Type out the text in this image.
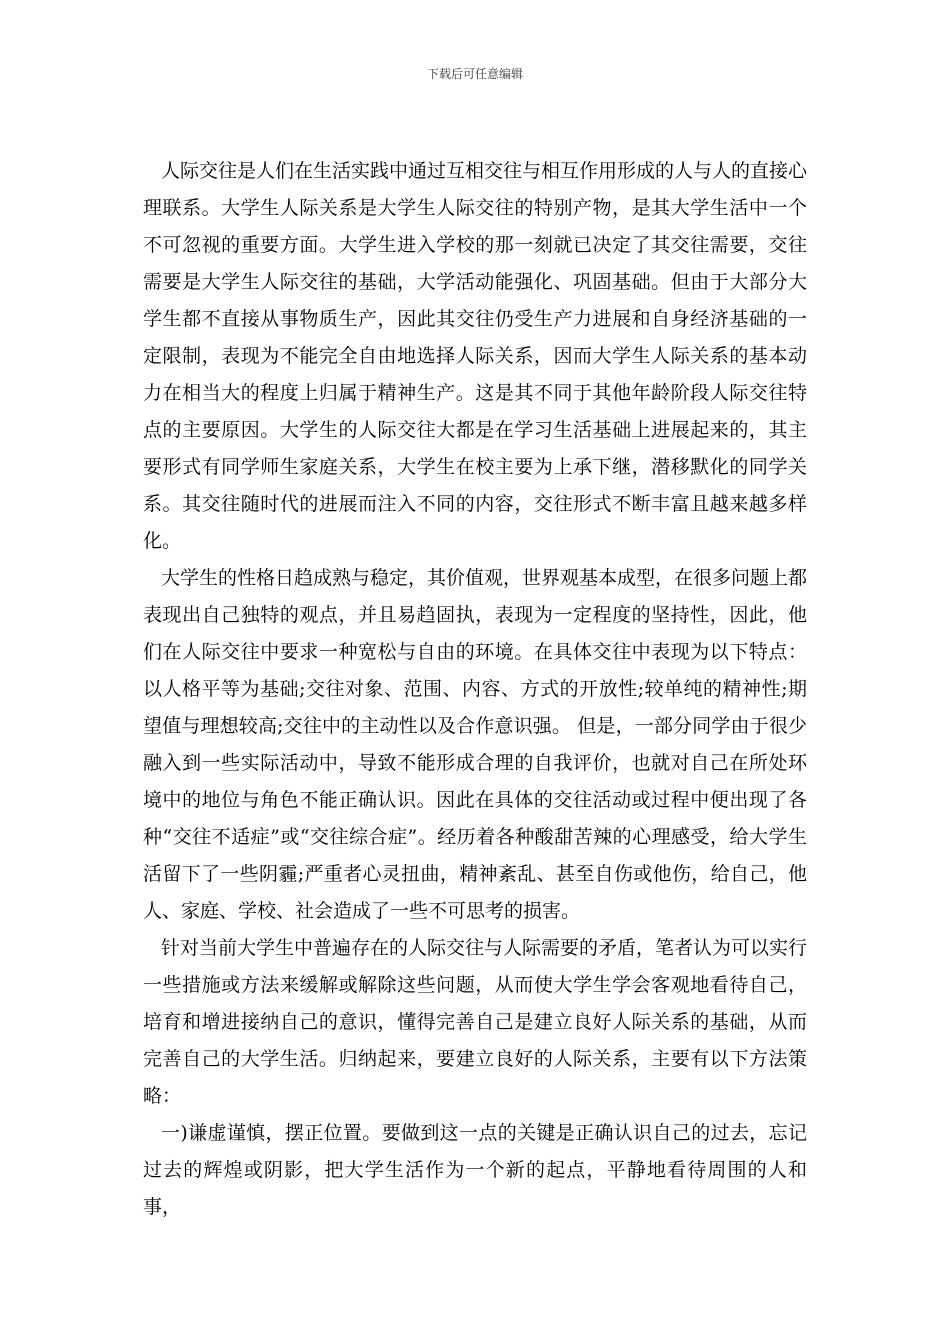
下载后可任意编辑

人际交往是人们在生活实践中通过互相交往与相互作用形成的人与人的直接心理联系。大学生人际关系是大学生人际交往的特别产物，是其大学生活中一个不可忽视的重要方面。大学生进入学校的那一刻就已决定了其交往需要，交往需要是大学生人际交往的基础，大学活动能强化、巩固基础。但由于大部分大学生都不直接从事物质生产，因此其交往仍受生产力进展和自身经济基础的一定限制，表现为不能完全自由地选择人际关系，因而大学生人际关系的基本动力在相当大的程度上归属于精神生产。这是其不同于其他年龄阶段人际交往特点的主要原因。大学生的人际交往大都是在学习生活基础上进展起来的，其主要形式有同学师生家庭关系，大学生在校主要为上承下继，潜移默化的同学关系。其交往随时代的进展而注入不同的内容，交往形式不断丰富且越来越多样化。

大学生的性格日趋成熟与稳定，其价值观，世界观基本成型，在很多问题上都表现出自己独特的观点，并且易趋固执，表现为一定程度的坚持性，因此，他们在人际交往中要求一种宽松与自由的环境。在具体交往中表现为以下特点：以人格平等为基础;交往对象、范围、内容、方式的开放性;较单纯的精神性;期望值与理想较高;交往中的主动性以及合作意识强。 但是，一部分同学由于很少融入到一些实际活动中，导致不能形成合理的自我评价，也就对自己在所处环境中的地位与角色不能正确认识。因此在具体的交往活动或过程中便出现了各种“交往不适症”或“交往综合症”。经历着各种酸甜苦辣的心理感受，给大学生活留下了一些阴霾;严重者心灵扭曲，精神紊乱、甚至自伤或他伤，给自己，他人、家庭、学校、社会造成了一些不可思考的损害。

针对当前大学生中普遍存在的人际交往与人际需要的矛盾，笔者认为可以实行一些措施或方法来缓解或解除这些问题，从而使大学生学会客观地看待自己，培育和增进接纳自己的意识，懂得完善自己是建立良好人际关系的基础，从而完善自己的大学生活。归纳起来，要建立良好的人际关系，主要有以下方法策略：

一)谦虚谨慎，摆正位置。要做到这一点的关键是正确认识自己的过去，忘记过去的辉煌或阴影，把大学生活作为一个新的起点，平静地看待周围的人和事，
